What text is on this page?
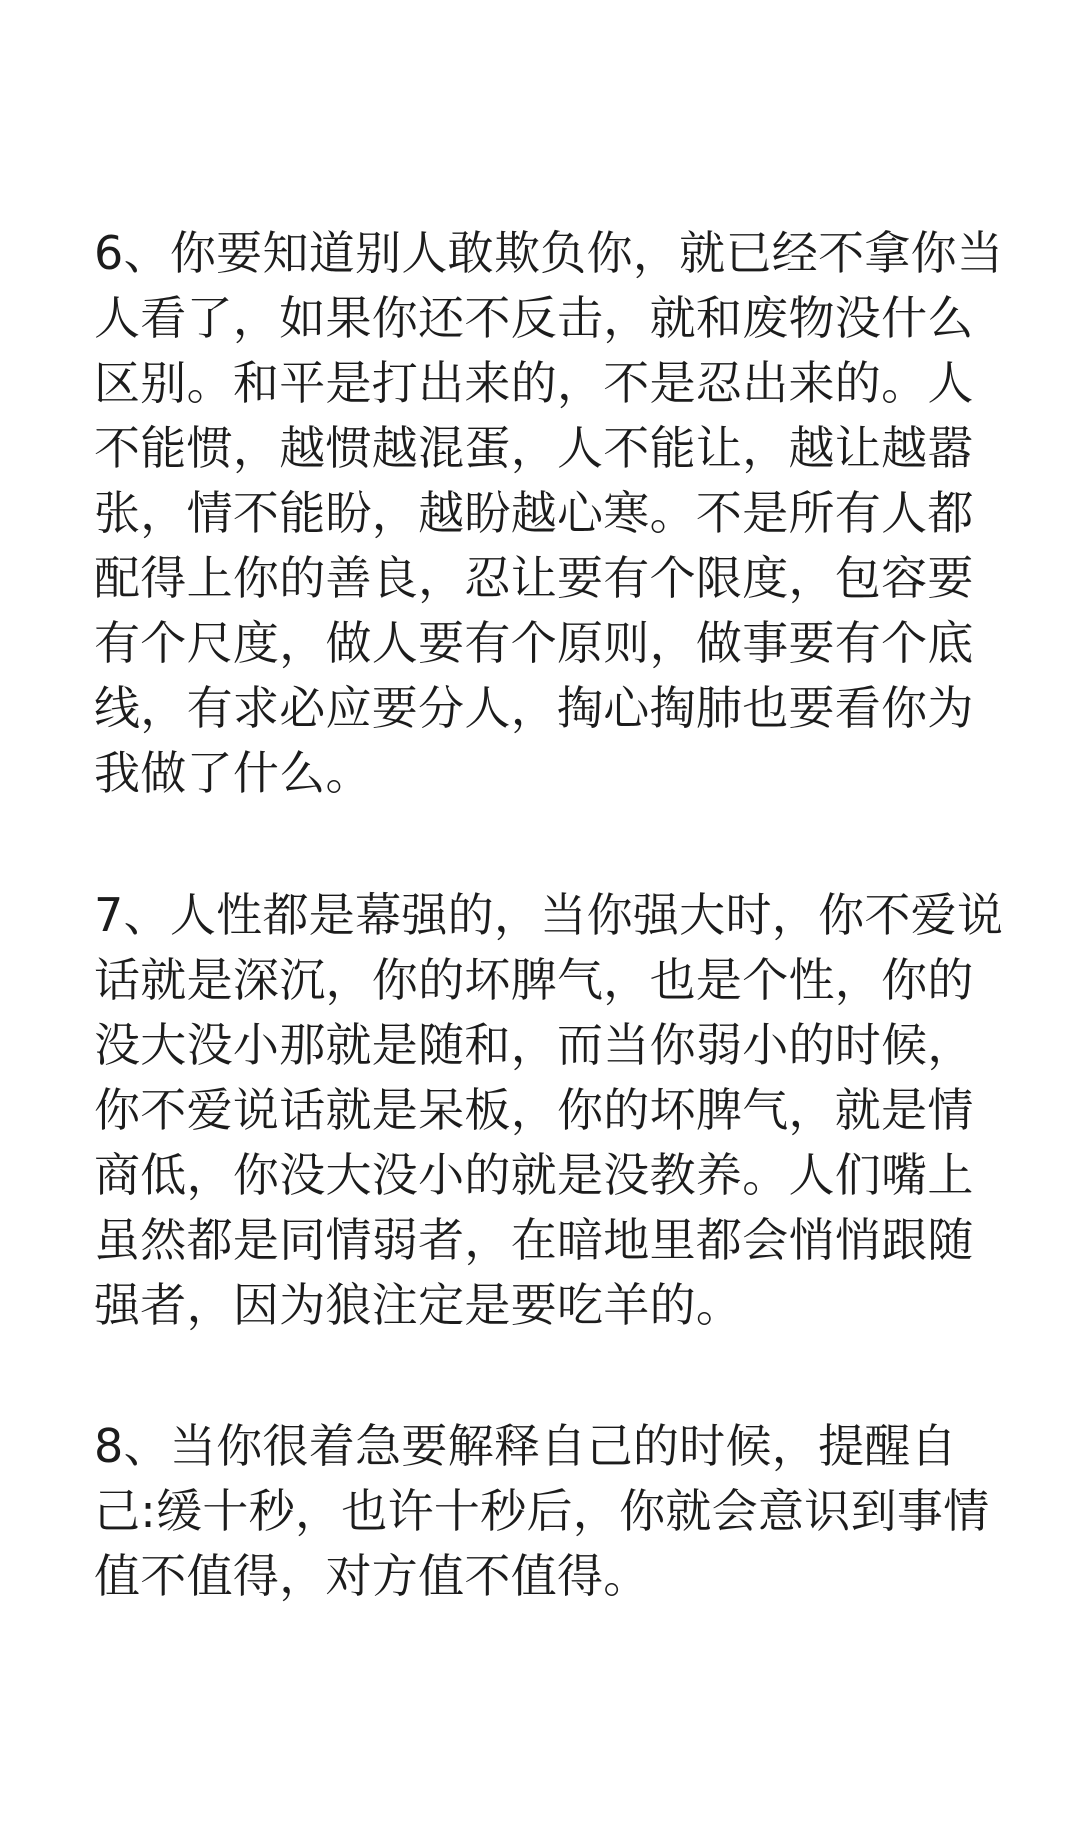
6、你要知道别人敢欺负你，就已经不拿你当
人看了，如果你还不反击，就和废物没什么
区别。和平是打出来的，不是忍出来的。人
不能惯，越惯越混蛋，人不能让，越让越嚣
张，情不能盼，越盼越心寒。不是所有人都
配得上你的善良，忍让要有个限度，包容要
有个尺度，做人要有个原则，做事要有个底
线，有求必应要分人，掏心掏肺也要看你为
我做了什么。

7、人性都是幕强的，当你强大时，你不爱说
话就是深沉，你的坏脾气，也是个性，你的
没大没小那就是随和，而当你弱小的时候，
你不爱说话就是呆板，你的坏脾气，就是情
商低，你没大没小的就是没教养。人们嘴上
虽然都是同情弱者，在暗地里都会悄悄跟随
强者，因为狼注定是要吃羊的。

8、当你很着急要解释自己的时候，提醒自
己:缓十秒，也许十秒后，你就会意识到事情
值不值得，对方值不值得。
